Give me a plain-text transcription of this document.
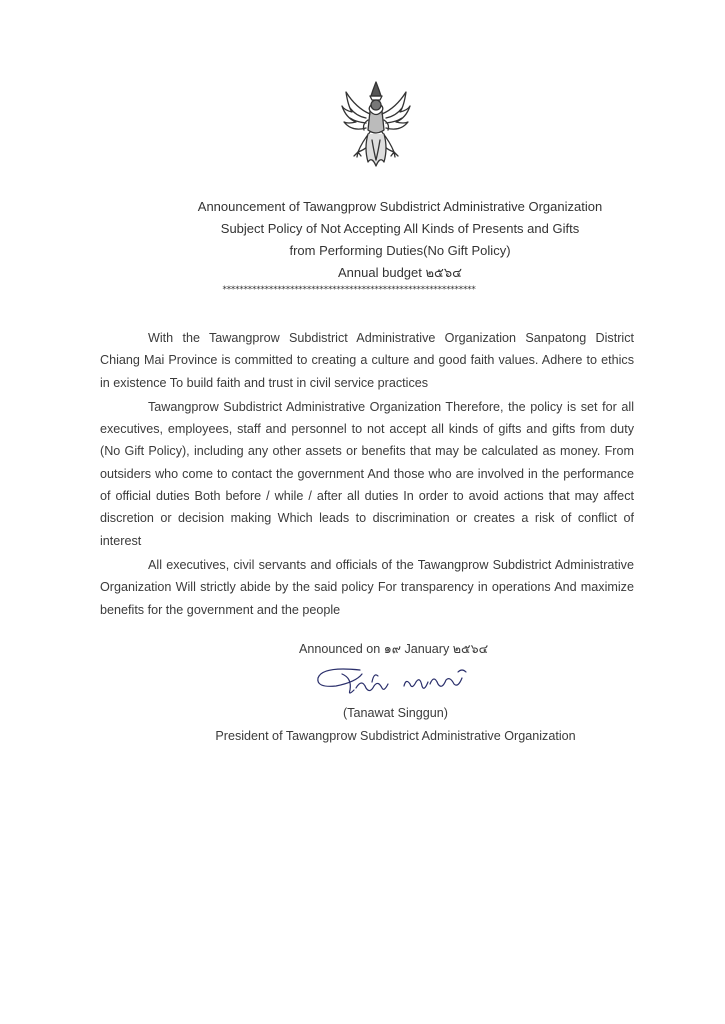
Announcement of Tawangprow Subdistrict Administrative Organization
Subject Policy of Not Accepting All Kinds of Presents and Gifts
from Performing Duties(No Gift Policy)
Annual budget ๒๕๖๔
************************************************************

With the Tawangprow Subdistrict Administrative Organization Sanpatong District Chiang Mai Province is committed to creating a culture and good faith values. Adhere to ethics in existence To build faith and trust in civil service practices

Tawangprow Subdistrict Administrative Organization Therefore, the policy is set for all executives, employees, staff and personnel to not accept all kinds of gifts and gifts from duty (No Gift Policy), including any other assets or benefits that may be calculated as money. From outsiders who come to contact the government And those who are involved in the performance of official duties Both before / while / after all duties In order to avoid actions that may affect discretion or decision making Which leads to discrimination or creates a risk of conflict of interest

All executives, civil servants and officials of the Tawangprow Subdistrict Administrative Organization Will strictly abide by the said policy For transparency in operations And maximize benefits for the government and the people

Announced on ๑๙ January ๒๕๖๔
(Tanawat Singgun)
President of Tawangprow Subdistrict Administrative Organization
